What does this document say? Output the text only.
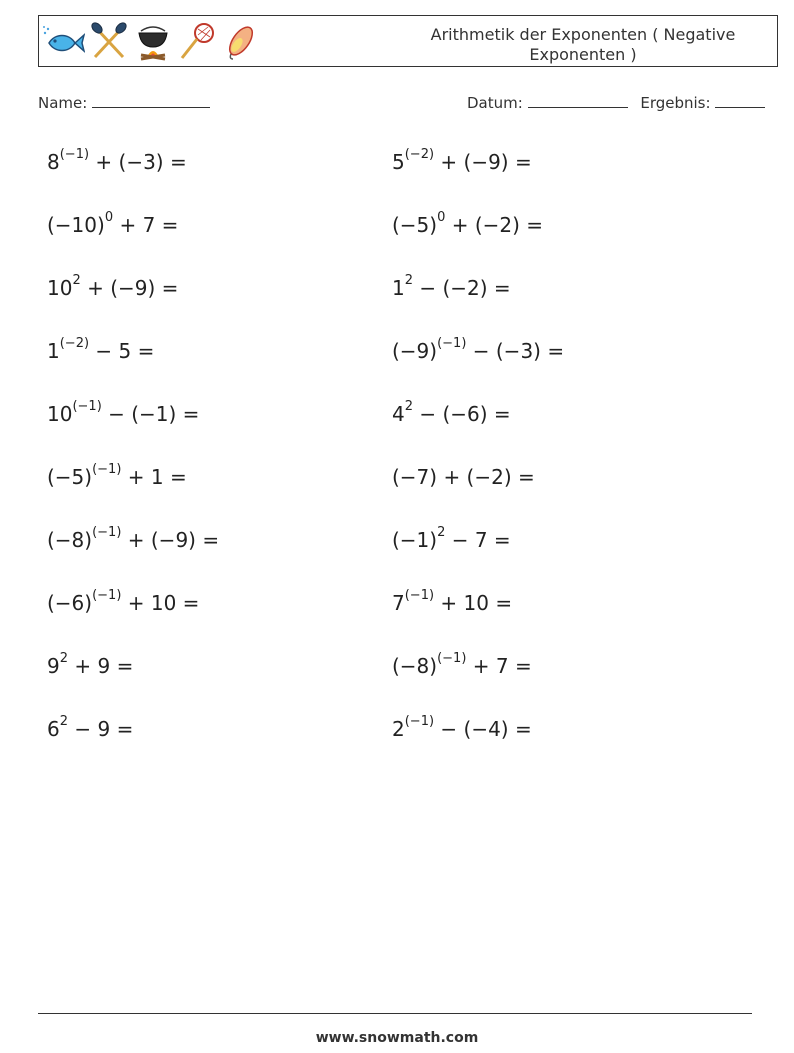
Arithmetik der Exponenten ( Negative Exponenten )
Name:	Datum:	Ergebnis:
$8^{(-1)} + (-3)$ =	$5^{(-2)} + (-9)$ =
$(-10)^0 + 7$ =	$(-5)^0 + (-2)$ =
$10^2 + (-9)$ =	$1^2 - (-2)$ =
$1^{(-2)} - 5$ =	$(-9)^{(-1)} - (-3)$ =
$10^{(-1)} - (-1)$ =	$4^2 - (-6)$ =
$(-5)^{(-1)} + 1$ =	(−7) + (−2) =
$(-8)^{(-1)} + (-9)$ =	$(-1)^2 - 7$ =
$(-6)^{(-1)} + 10$ =	$7^{(-1)} + 10$ =
$9^2 + 9$ =	$(-8)^{(-1)} + 7$ =
$6^2 - 9$ =	$2^{(-1)} - (-4)$ =
www.snowmath.com
